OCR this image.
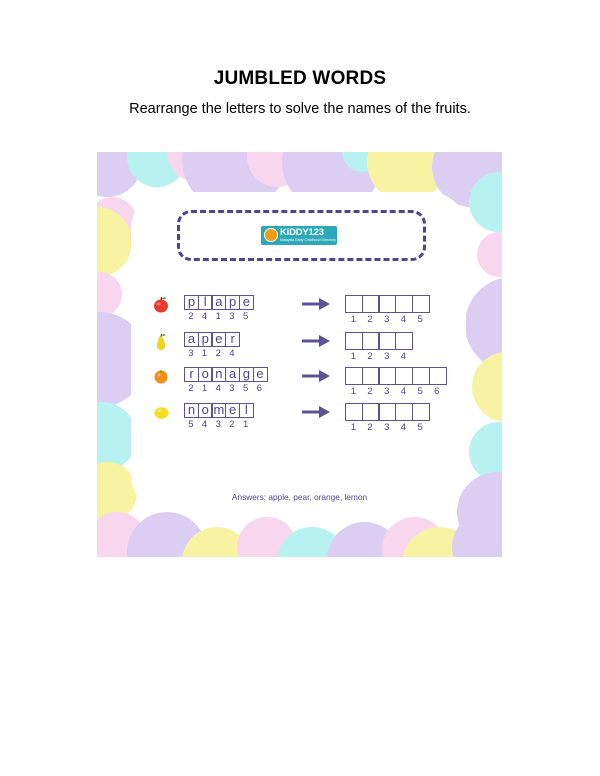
JUMBLED WORDS
Rearrange the letters to solve the names of the fruits.
KiDDY123
Malaysia Early Childhood Directory
p l a p e
2 4 1 3 5	1	2	3	4	5
a p e r
3 1 2 4	1	2	3	4
r o n a g e
2 1 4 3 5 6	1	2	3	4	5	6
n o m e l
5 4 3 2 1	1	2	3	4	5
Answers: apple, pear, orange, lemon
